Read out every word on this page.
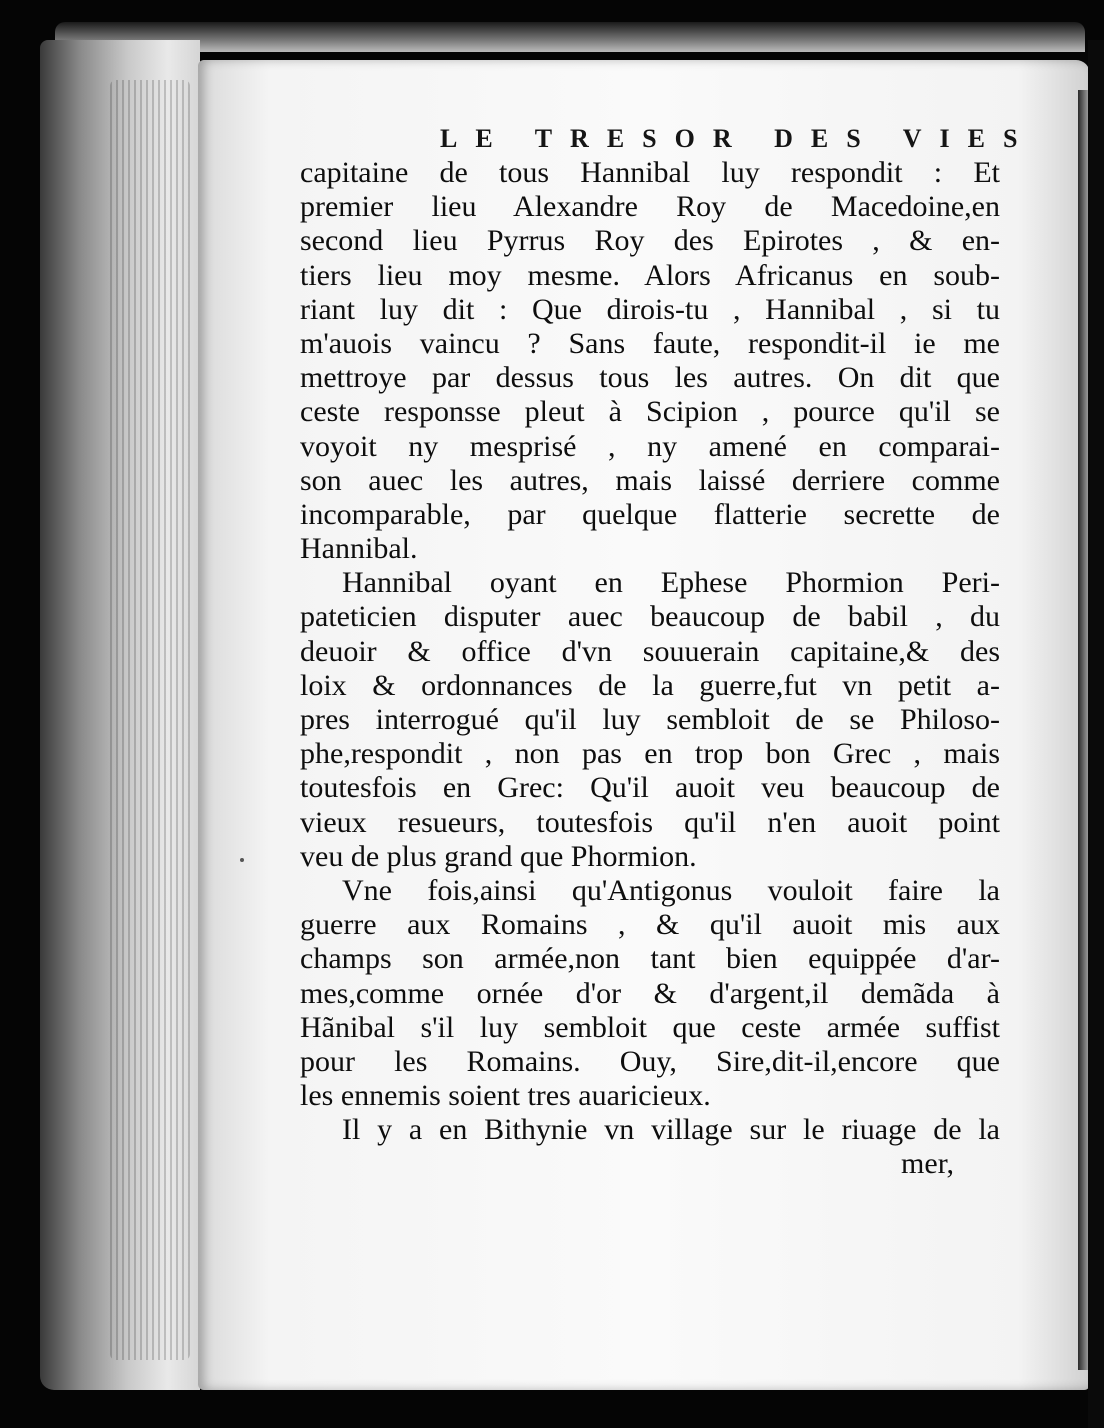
LE TRESOR DES VIES
capitaine de tous Hannibal luy respondit : Et
premier lieu Alexandre Roy de Macedoine,en
second lieu Pyrrus Roy des Epirotes , & en-
tiers lieu moy mesme. Alors Africanus en soub-
riant luy dit : Que dirois-tu , Hannibal , si tu
m'auois vaincu ? Sans faute, respondit-il ie me
mettroye par dessus tous les autres. On dit que
ceste responsse pleut à Scipion , pource qu'il se
voyoit ny mesprisé , ny amené en comparai-
son auec les autres, mais laissé derriere comme
incomparable, par quelque flatterie secrette de
Hannibal.
Hannibal oyant en Ephese Phormion Peri-
pateticien disputer auec beaucoup de babil , du
deuoir & office d'vn souuerain capitaine,& des
loix & ordonnances de la guerre,fut vn petit a-
pres interrogué qu'il luy sembloit de se Philoso-
phe,respondit , non pas en trop bon Grec , mais
toutesfois en Grec: Qu'il auoit veu beaucoup de
vieux resueurs, toutesfois qu'il n'en auoit point
veu de plus grand que Phormion.
Vne fois,ainsi qu'Antigonus vouloit faire la
guerre aux Romains , & qu'il auoit mis aux
champs son armée,non tant bien equippée d'ar-
mes,comme ornée d'or & d'argent,il demãda à
Hãnibal s'il luy sembloit que ceste armée suffist
pour les Romains. Ouy, Sire,dit-il,encore que
les ennemis soient tres auaricieux.
Il y a en Bithynie vn village sur le riuage de la
mer,
